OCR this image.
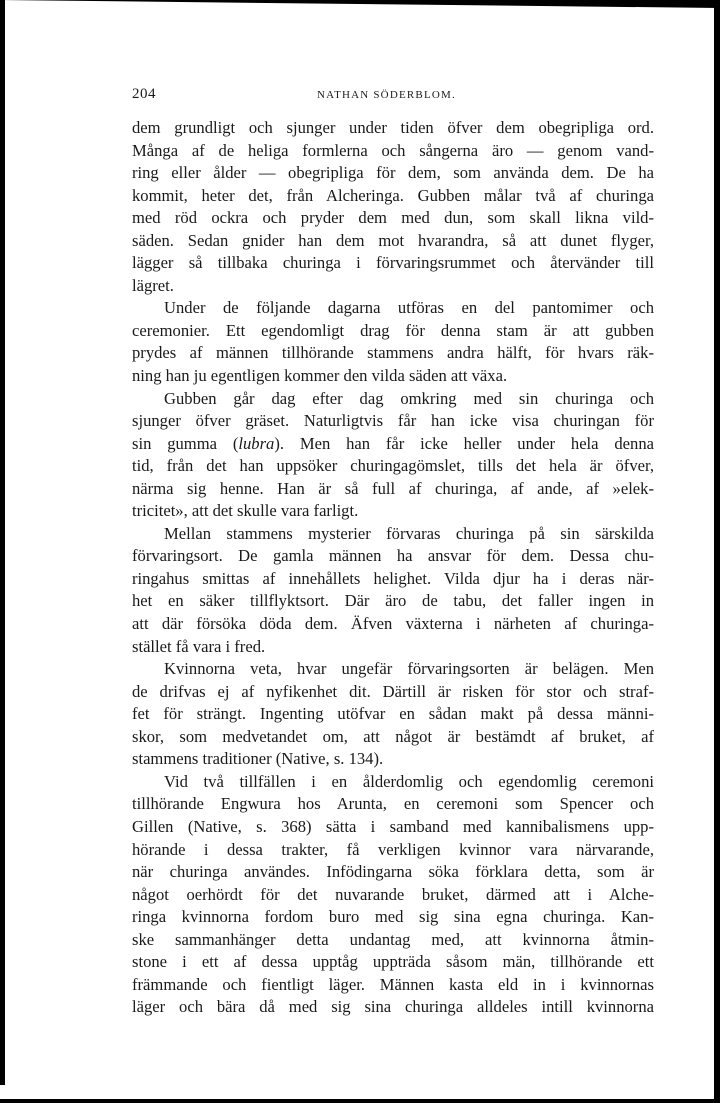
204	NATHAN SÖDERBLOM.
dem grundligt och sjunger under tiden öfver dem obegripliga ord.
Många af de heliga formlerna och sångerna äro — genom vand-
ring eller ålder — obegripliga för dem, som använda dem. De ha
kommit, heter det, från Alcheringa. Gubben målar två af churinga
med röd ockra och pryder dem med dun, som skall likna vild-
säden. Sedan gnider han dem mot hvarandra, så att dunet flyger,
lägger så tillbaka churinga i förvaringsrummet och återvänder till
lägret.
Under de följande dagarna utföras en del pantomimer och
ceremonier. Ett egendomligt drag för denna stam är att gubben
prydes af männen tillhörande stammens andra hälft, för hvars räk-
ning han ju egentligen kommer den vilda säden att växa.
Gubben går dag efter dag omkring med sin churinga och
sjunger öfver gräset. Naturligtvis får han icke visa churingan för
sin gumma (lubra). Men han får icke heller under hela denna
tid, från det han uppsöker churingagömslet, tills det hela är öfver,
närma sig henne. Han är så full af churinga, af ande, af »elek-
tricitet», att det skulle vara farligt.
Mellan stammens mysterier förvaras churinga på sin särskilda
förvaringsort. De gamla männen ha ansvar för dem. Dessa chu-
ringahus smittas af innehållets helighet. Vilda djur ha i deras när-
het en säker tillflyktsort. Där äro de tabu, det faller ingen in
att där försöka döda dem. Äfven växterna i närheten af churinga-
stället få vara i fred.
Kvinnorna veta, hvar ungefär förvaringsorten är belägen. Men
de drifvas ej af nyfikenhet dit. Därtill är risken för stor och straf-
fet för strängt. Ingenting utöfvar en sådan makt på dessa männi-
skor, som medvetandet om, att något är bestämdt af bruket, af
stammens traditioner (Native, s. 134).
Vid två tillfällen i en ålderdomlig och egendomlig ceremoni
tillhörande Engwura hos Arunta, en ceremoni som Spencer och
Gillen (Native, s. 368) sätta i samband med kannibalismens upp-
hörande i dessa trakter, få verkligen kvinnor vara närvarande,
när churinga användes. Infödingarna söka förklara detta, som är
något oerhördt för det nuvarande bruket, därmed att i Alche-
ringa kvinnorna fordom buro med sig sina egna churinga. Kan-
ske sammanhänger detta undantag med, att kvinnorna åtmin-
stone i ett af dessa upptåg uppträda såsom män, tillhörande ett
främmande och fientligt läger. Männen kasta eld in i kvinnornas
läger och bära då med sig sina churinga alldeles intill kvinnorna
